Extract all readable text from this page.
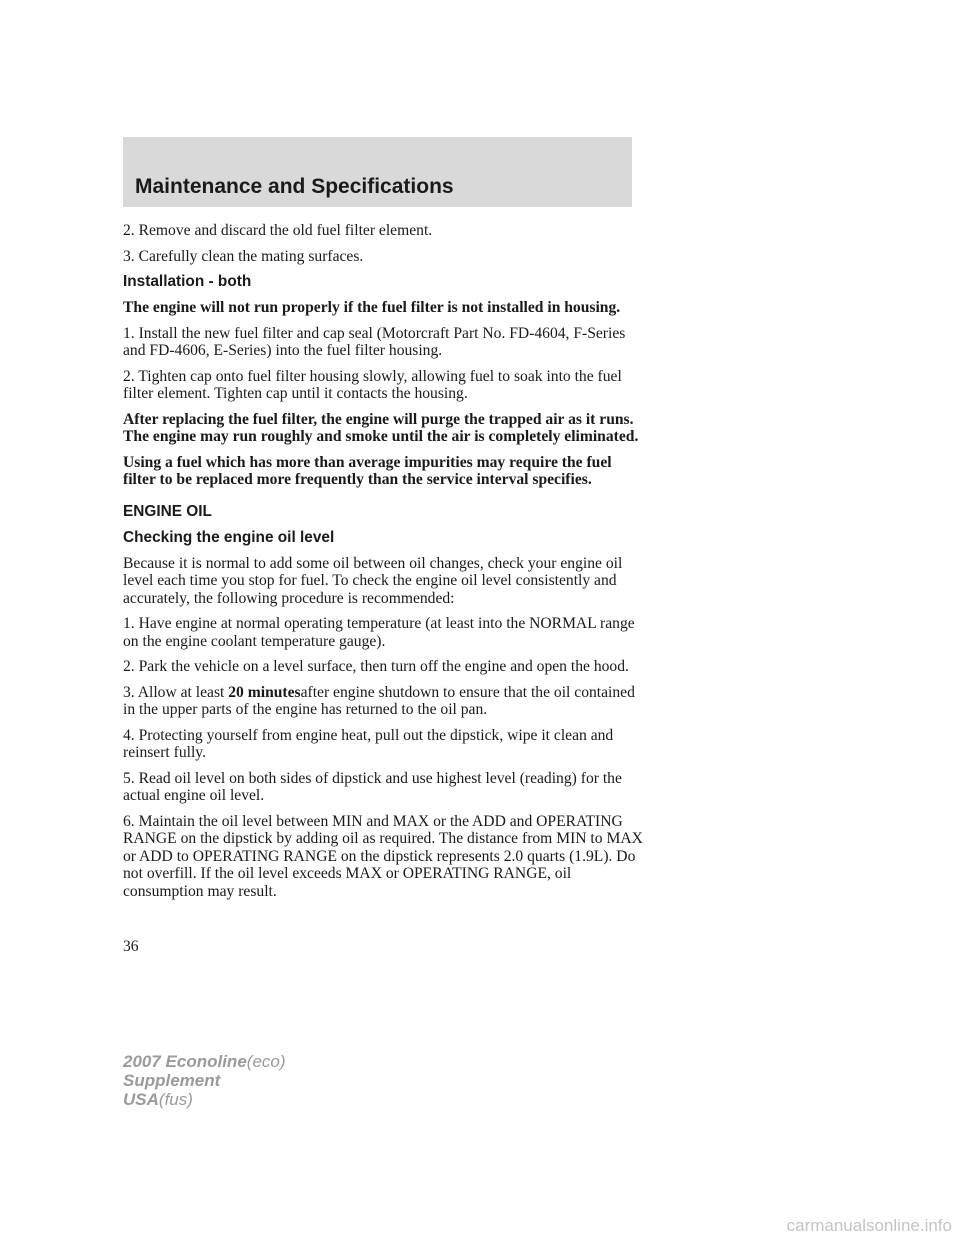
Maintenance and Specifications

2. Remove and discard the old fuel filter element.

3. Carefully clean the mating surfaces.

Installation - both

The engine will not run properly if the fuel filter is not installed in housing.

1. Install the new fuel filter and cap seal (Motorcraft Part No. FD-4604, F-Series and FD-4606, E-Series) into the fuel filter housing.

2. Tighten cap onto fuel filter housing slowly, allowing fuel to soak into the fuel filter element. Tighten cap until it contacts the housing.

After replacing the fuel filter, the engine will purge the trapped air as it runs. The engine may run roughly and smoke until the air is completely eliminated.

Using a fuel which has more than average impurities may require the fuel filter to be replaced more frequently than the service interval specifies.

ENGINE OIL
Checking the engine oil level

Because it is normal to add some oil between oil changes, check your engine oil level each time you stop for fuel. To check the engine oil level consistently and accurately, the following procedure is recommended:

1. Have engine at normal operating temperature (at least into the NORMAL range on the engine coolant temperature gauge).

2. Park the vehicle on a level surface, then turn off the engine and open the hood.

3. Allow at least 20 minutesafter engine shutdown to ensure that the oil contained in the upper parts of the engine has returned to the oil pan.

4. Protecting yourself from engine heat, pull out the dipstick, wipe it clean and reinsert fully.

5. Read oil level on both sides of dipstick and use highest level (reading) for the actual engine oil level.

6. Maintain the oil level between MIN and MAX or the ADD and OPERATING RANGE on the dipstick by adding oil as required. The distance from MIN to MAX or ADD to OPERATING RANGE on the dipstick represents 2.0 quarts (1.9L). Do not overfill. If the oil level exceeds MAX or OPERATING RANGE, oil consumption may result.

36
2007 Econoline(eco)
Supplement
USA(fus)
carmanualsonline.info
